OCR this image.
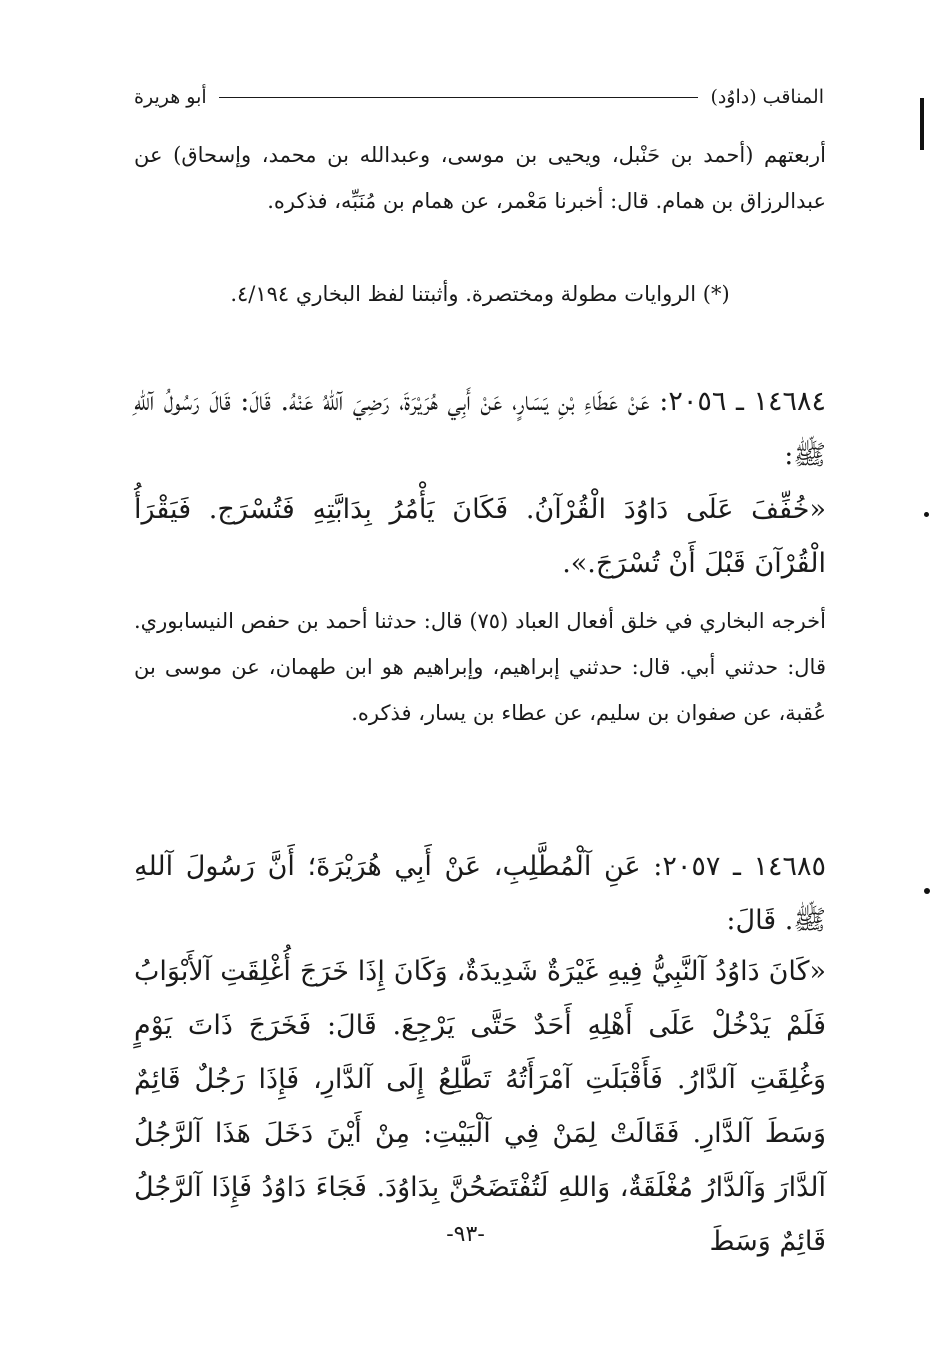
المناقب (داوُد)
أبو هريرة
أربعتهم (أحمد بن حَنْبل، ويحيى بن موسى، وعبدالله بن محمد، وإسحاق) عن عبدالرزاق بن همام. قال: أخبرنا مَعْمر، عن همام بن مُنَبِّه، فذكره.
(*) الروايات مطولة ومختصرة. وأثبتنا لفظ البخاري ٤/١٩٤.
١٤٦٨٤ ـ ٢٠٥٦: عَنْ عَطَاءِ بْنِ يَسَارٍ، عَنْ أَبِي هُرَيْرَةَ، رَضِيَ آللهُ عَنْهُ. قَالَ: قَالَ رَسُولُ آللهِ ﷺ:
«خُفِّفَ عَلَى دَاوُدَ الْقُرْآنُ. فَكَانَ يَأْمُرُ بِدَابَّتِهِ فَتُسْرَج. فَيَقْرَأُ الْقُرْآنَ قَبْلَ أَنْ تُسْرَجَ.».
أخرجه البخاري في خلق أفعال العباد (٧٥) قال: حدثنا أحمد بن حفص النيسابوري. قال: حدثني أبي. قال: حدثني إبراهيم، وإبراهيم هو ابن طهمان، عن موسى بن عُقبة، عن صفوان بن سليم، عن عطاء بن يسار، فذكره.
١٤٦٨٥ ـ ٢٠٥٧: عَنِ آلْمُطَّلِبِ، عَنْ أَبِي هُرَيْرَةَ؛ أَنَّ رَسُولَ آللهِ ﷺ. قَالَ:
«كَانَ دَاوُدُ آلنَّبِيُّ فِيهِ غَيْرَةٌ شَدِيدَةٌ، وَكَانَ إِذَا خَرَجَ أُغْلِقَتِ آلأَبْوَابُ فَلَمْ يَدْخُلْ عَلَى أَهْلِهِ أَحَدٌ حَتَّى يَرْجِعَ. قَالَ: فَخَرَجَ ذَاتَ يَوْمٍ وَغُلِقَتِ آلدَّارُ. فَأَقْبَلَتِ آمْرَأَتُهُ تَطَّلِعُ إِلَى آلدَّارِ، فَإِذَا رَجُلٌ قَائِمٌ وَسَطَ آلدَّارِ. فَقَالَتْ لِمَنْ فِي آلْبَيْتِ: مِنْ أَيْنَ دَخَلَ هَذَا آلرَّجُلُ آلدَّارَ وَآلدَّارُ مُغْلَقَةٌ، وَاللهِ لَتُفْتَضَحُنَّ بِدَاوُدَ. فَجَاءَ دَاوُدُ فَإِذَا آلرَّجُلُ قَائِمٌ وَسَطَ
-٩٣-
